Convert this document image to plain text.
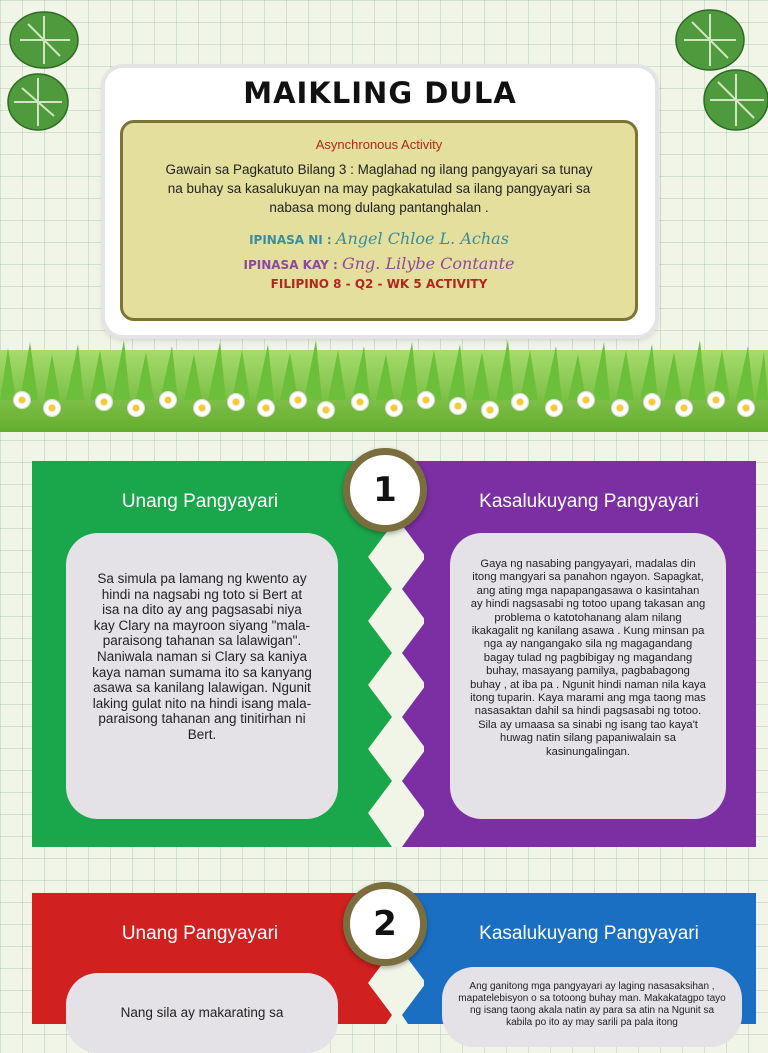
MAIKLING DULA
Asynchronous Activity
Gawain sa Pagkatuto Bilang 3 : Maglahad ng ilang pangyayari sa tunay na buhay sa kasalukuyan na may pagkakatulad sa ilang pangyayari sa nabasa mong dulang pantanghalan .
IPINASA NI : Angel Chloe L. Achas
IPINASA KAY : Gng. Lilybe Contante
FILIPINO 8 - Q2 - WK 5 ACTIVITY
Unang Pangyayari	Kasalukuyang Pangyayari
Sa simula pa lamang ng kwento ay hindi na nagsabi ng toto si Bert at isa na dito ay ang pagsasabi niya kay Clary na mayroon siyang "mala-paraisong tahanan sa lalawigan". Naniwala naman si Clary sa kaniya kaya naman sumama ito sa kanyang asawa sa kanilang lalawigan. Ngunit laking gulat nito na hindi isang mala-paraisong tahanan ang tinitirhan ni Bert.
Gaya ng nasabing pangyayari, madalas din itong mangyari sa panahon ngayon. Sapagkat, ang ating mga napapangasawa o kasintahan ay hindi nagsasabi ng totoo upang takasan ang problema o katotohanang alam nilang ikakagalit ng kanilang asawa . Kung minsan pa nga ay nangangako sila ng magagandang bagay tulad ng pagbibigay ng magandang buhay, masayang pamilya, pagbabagong buhay , at iba pa . Ngunit hindi naman nila kaya itong tuparin. Kaya marami ang mga taong mas nasasaktan dahil sa hindi pagsasabi ng totoo. Sila ay umaasa sa sinabi ng isang tao kaya't huwag natin silang papaniwalain sa kasinungalingan.
1
Unang Pangyayari	Kasalukuyang Pangyayari
Nang sila ay makarating sa
Ang ganitong mga pangyayari ay laging nasasaksihan , mapatelebisyon o sa totoong buhay man. Makakatagpo tayo ng isang taong akala natin ay para sa atin na Ngunit sa kabila po ito ay may sarili pa pala itong
2
